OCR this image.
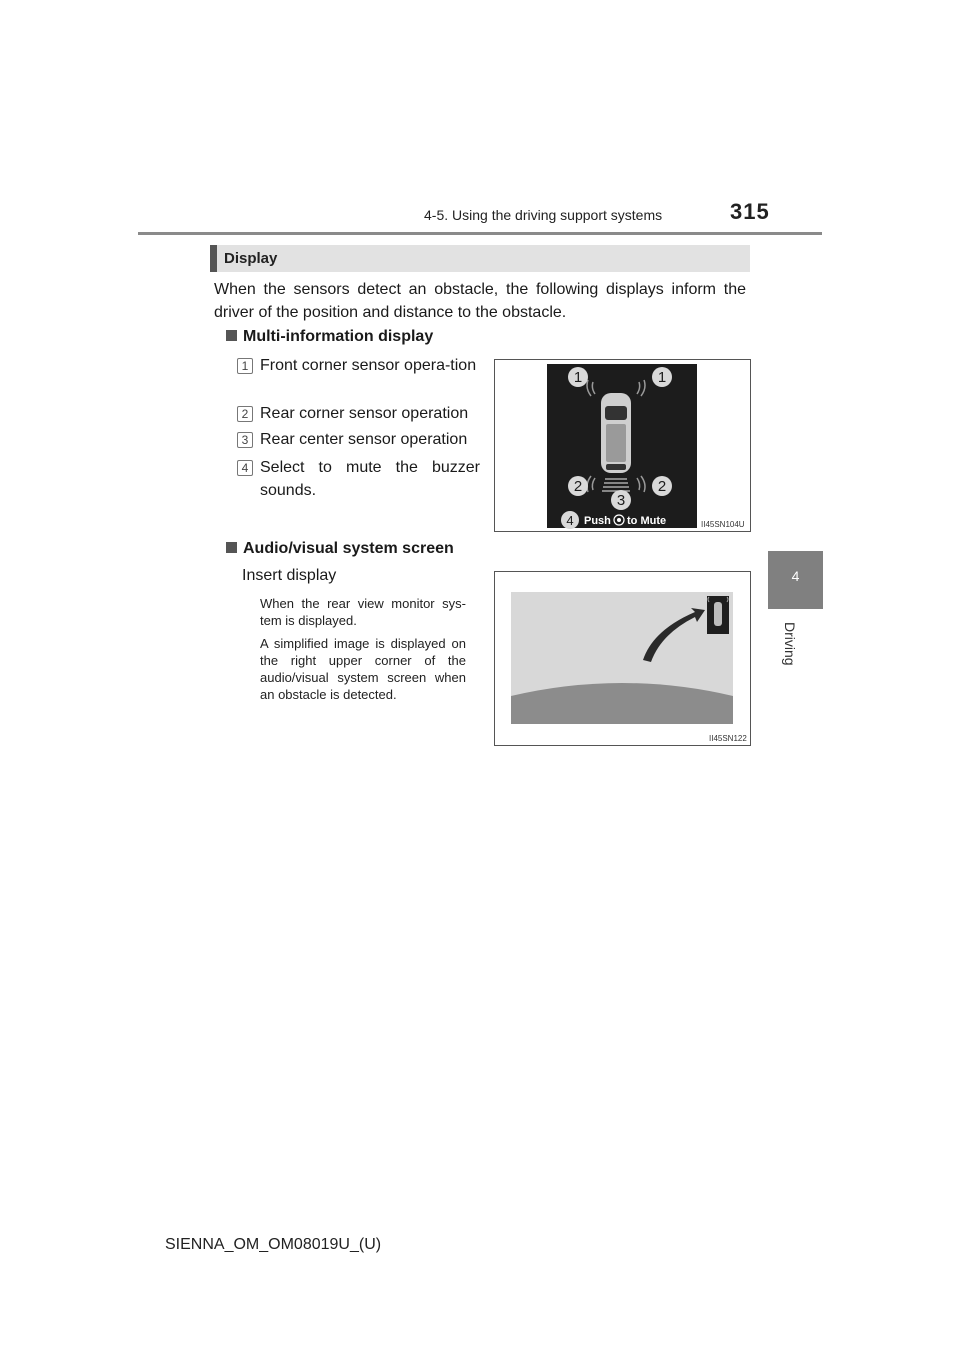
4-5. Using the driving support systems	315
4
Driving
Display
When the sensors detect an obstacle, the following displays inform the driver of the position and distance to the obstacle.
Multi-information display
1 Front corner sensor opera-tion
2 Rear corner sensor operation
3 Rear center sensor operation
4 Select to mute the buzzer sounds.
1	1
2	2
3
4 Push to Mute	II45SN104U
Audio/visual system screen
Insert display
When the rear view monitor sys-tem is displayed.
A simplified image is displayed on the right upper corner of the audio/visual system screen when an obstacle is detected.
II45SN122
SIENNA_OM_OM08019U_(U)
